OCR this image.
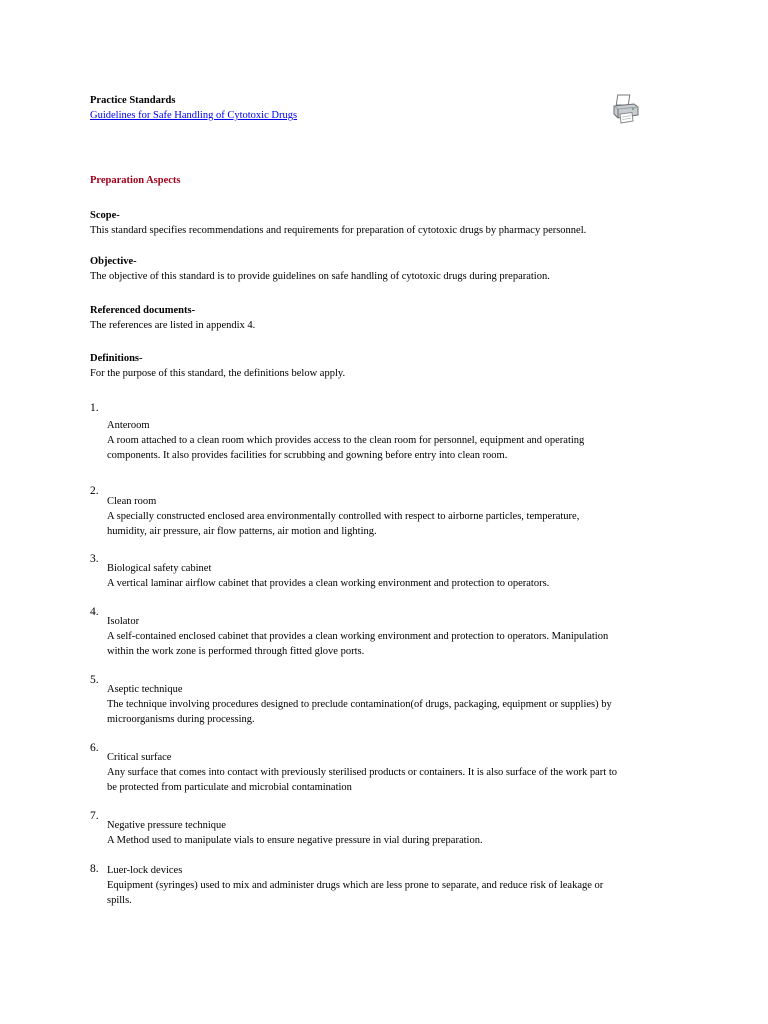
Practice Standards
Guidelines for Safe Handling of Cytotoxic Drugs
Preparation Aspects
Scope-
This standard specifies recommendations and requirements for preparation of cytotoxic drugs by pharmacy personnel.
Objective-
The objective of this standard is to provide guidelines on safe handling of cytotoxic drugs during preparation.
Referenced documents-
The references are listed in appendix 4.
Definitions-
For the purpose of this standard, the definitions below apply.
1.
Anteroom
A room attached to a clean room which provides access to the clean room for personnel, equipment and operating
components. It also provides facilities for scrubbing and gowning before entry into clean room.
2.
Clean room
A specially constructed enclosed area environmentally controlled with respect to airborne particles, temperature,
humidity, air pressure, air flow patterns, air motion and lighting.
3.
Biological safety cabinet
A vertical laminar airflow cabinet that provides a clean working environment and protection to operators.
4.
Isolator
A self-contained enclosed cabinet that provides a clean working environment and protection to operators. Manipulation
within the work zone is performed through fitted glove ports.
5.
Aseptic technique
The technique involving procedures designed to preclude contamination(of drugs, packaging, equipment or supplies) by
microorganisms during processing.
6.
Critical surface
Any surface that comes into contact with previously sterilised products or containers. It is also surface of the work part to
be protected from particulate and microbial contamination
7.
Negative pressure technique
A Method used to manipulate vials to ensure negative pressure in vial during preparation.
8. Luer-lock devices
Equipment (syringes) used to mix and administer drugs which are less prone to separate, and reduce risk of leakage or
spills.
